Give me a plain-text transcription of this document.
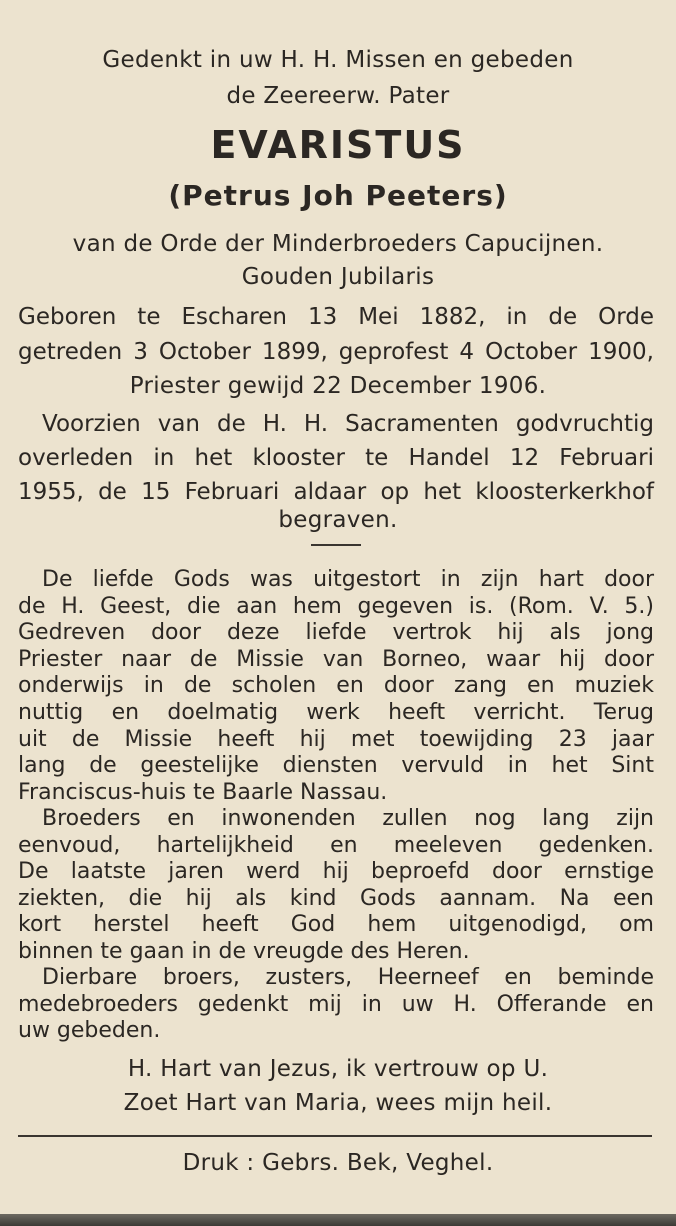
Gedenkt in uw H. H. Missen en gebeden
de Zeereerw. Pater
EVARISTUS
(Petrus Joh Peeters)
van de Orde der Minderbroeders Capucijnen.
Gouden Jubilaris
Geboren te Escharen 13 Mei 1882, in de Orde
getreden 3 October 1899, geprofest 4 October 1900,
Priester gewijd 22 December 1906.
Voorzien van de H. H. Sacramenten godvruchtig
overleden in het klooster te Handel 12 Februari
1955, de 15 Februari aldaar op het kloosterkerkhof
begraven.
De liefde Gods was uitgestort in zijn hart door
de H. Geest, die aan hem gegeven is. (Rom. V. 5.)
Gedreven door deze liefde vertrok hij als jong
Priester naar de Missie van Borneo, waar hij door
onderwijs in de scholen en door zang en muziek
nuttig en doelmatig werk heeft verricht. Terug
uit de Missie heeft hij met toewijding 23 jaar
lang de geestelijke diensten vervuld in het Sint
Franciscus-huis te Baarle Nassau.
Broeders en inwonenden zullen nog lang zijn
eenvoud, hartelijkheid en meeleven gedenken.
De laatste jaren werd hij beproefd door ernstige
ziekten, die hij als kind Gods aannam. Na een
kort herstel heeft God hem uitgenodigd, om
binnen te gaan in de vreugde des Heren.
Dierbare broers, zusters, Heerneef en beminde
medebroeders gedenkt mij in uw H. Offerande en
uw gebeden.
H. Hart van Jezus, ik vertrouw op U.
Zoet Hart van Maria, wees mijn heil.
Druk : Gebrs. Bek, Veghel.
